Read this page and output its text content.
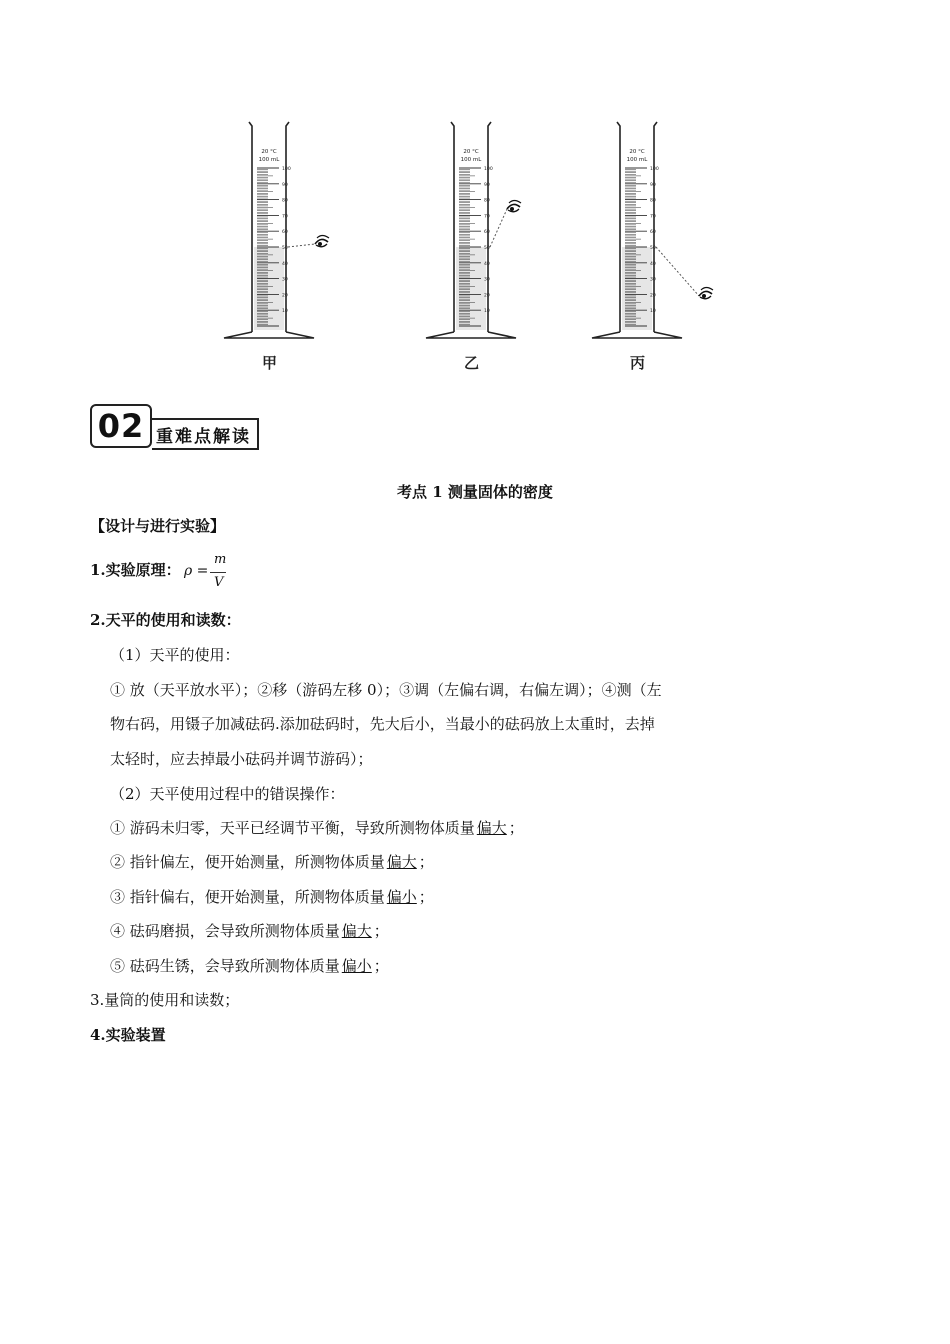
20 °C
100 mL
100
90
80
70
60
50
40
30
20
10
20 °C
100 mL
100
90
80
70
60
50
40
30
20
10
20 °C
100 mL
100
90
80
70
60
50
40
30
20
10
甲	乙	丙
02 重难点解读
考点 1 测量固体的密度
【设计与进行实验】
1.实验原理： ρ =
m
V
2.天平的使用和读数：
（1）天平的使用：
① 放（天平放水平）；②移（游码左移 0）；③调（左偏右调，右偏左调）；④测（左
物右码，用镊子加减砝码.添加砝码时，先大后小，当最小的砝码放上太重时，去掉
太轻时，应去掉最小砝码并调节游码）；
（2）天平使用过程中的错误操作：
① 游码未归零，天平已经调节平衡，导致所测物体质量 偏大 ；
② 指针偏左，便开始测量，所测物体质量 偏大 ；
③ 指针偏右，便开始测量，所测物体质量 偏小 ；
④ 砝码磨损，会导致所测物体质量 偏大 ；
⑤ 砝码生锈，会导致所测物体质量 偏小 ；
3.量筒的使用和读数；
4.实验装置
